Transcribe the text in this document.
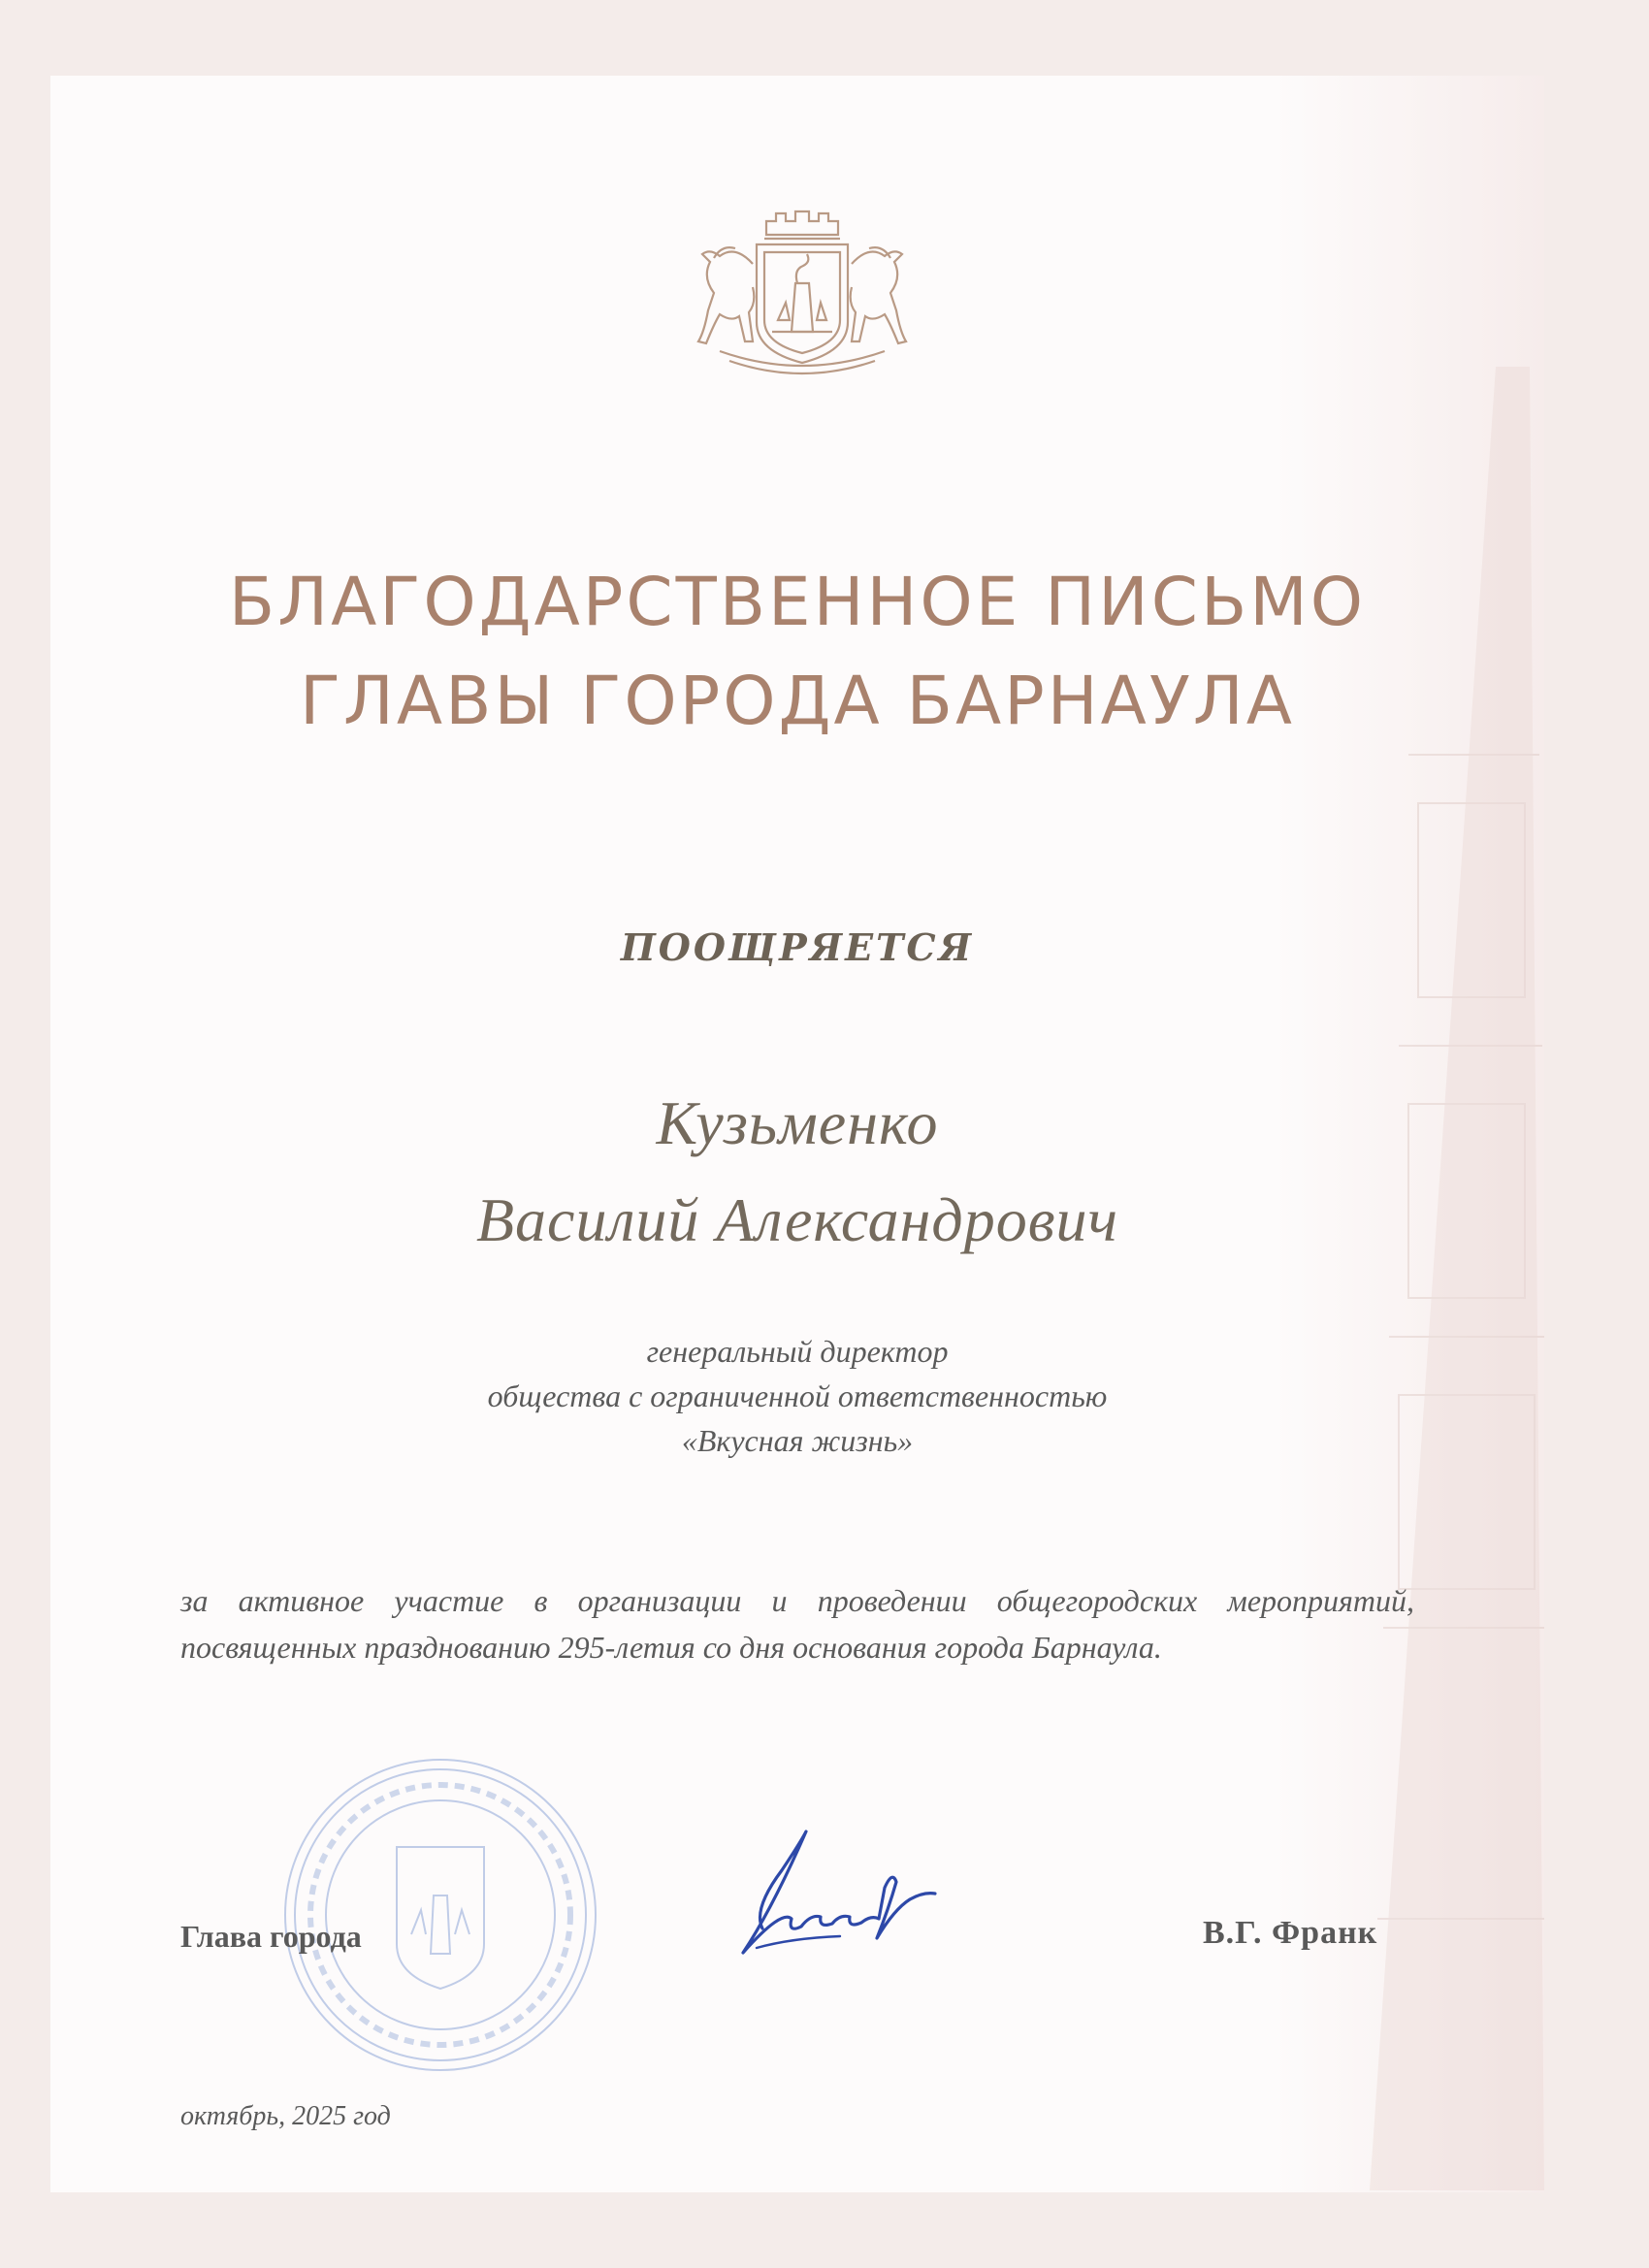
БЛАГОДАРСТВЕННОЕ ПИСЬМО
ГЛАВЫ ГОРОДА БАРНАУЛА
ПООЩРЯЕТСЯ
Кузьменко
Василий Александрович
генеральный директор
общества с ограниченной ответственностью
«Вкусная жизнь»

за активное участие в организации и проведении общегородских мероприятий, посвященных празднованию 295-летия со дня основания города Барнаула.

Глава города	В.Г. Франк
октябрь, 2025 год
